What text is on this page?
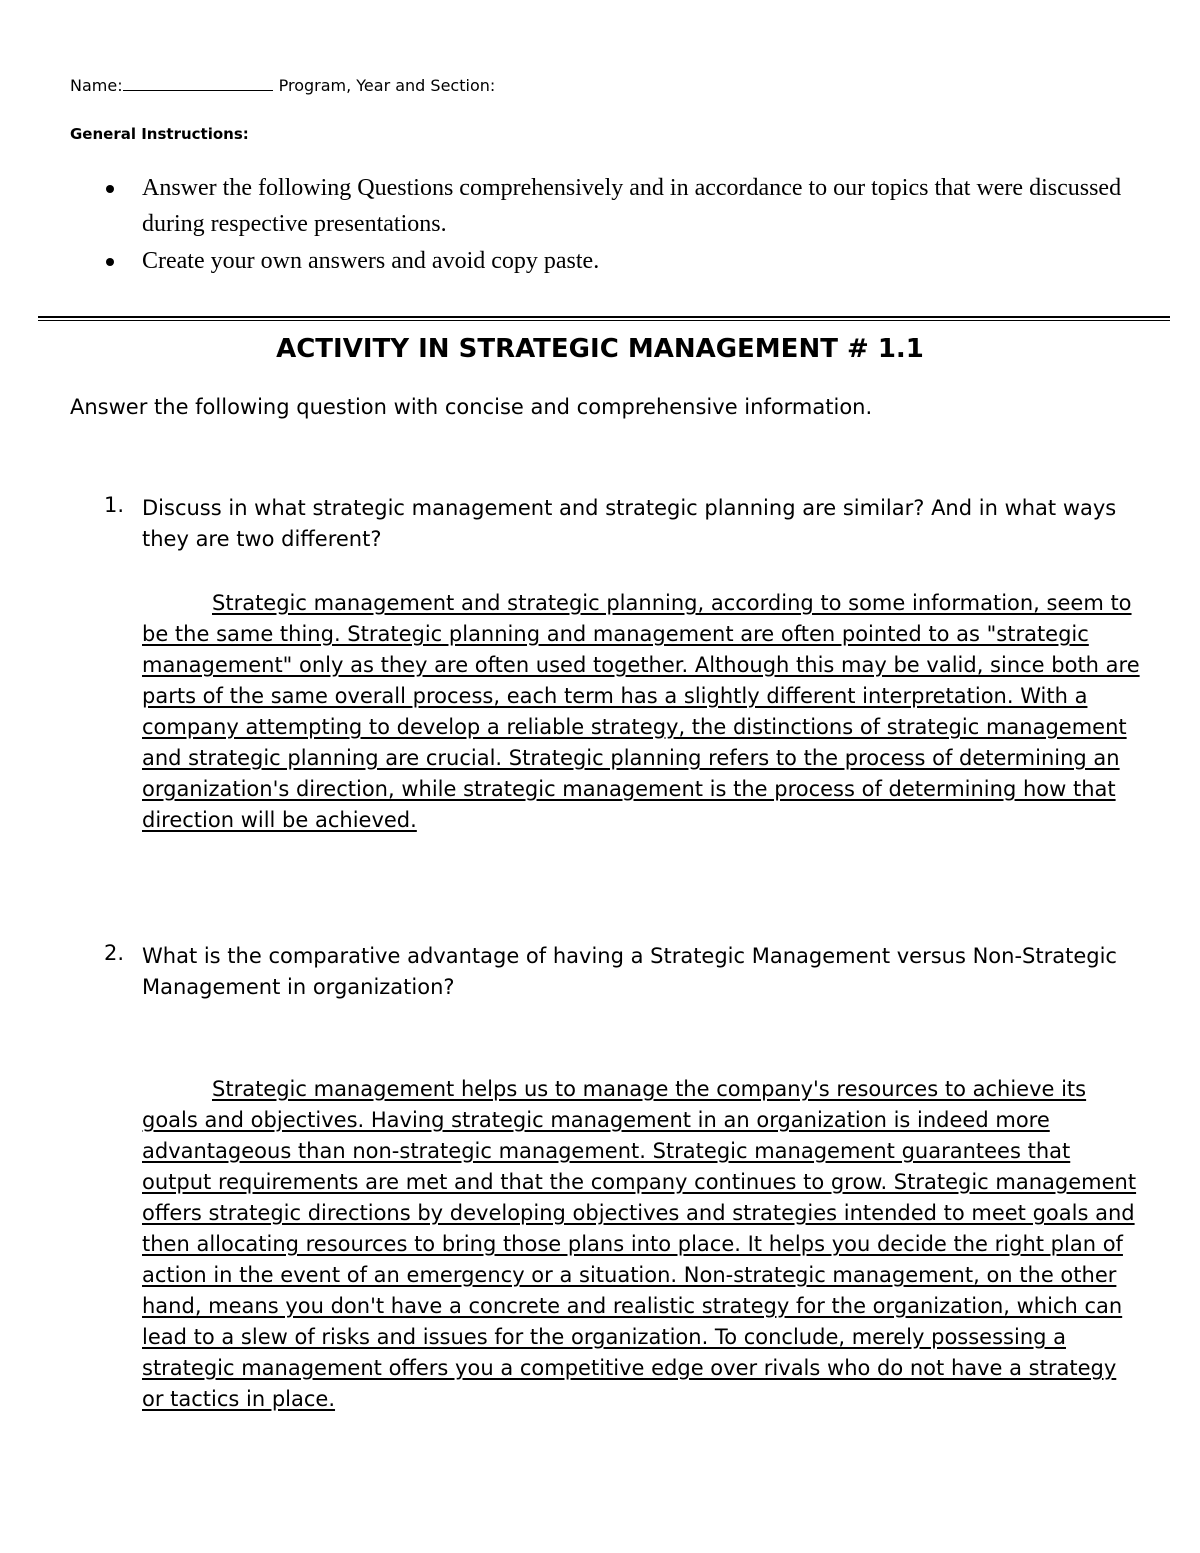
Name:	Program, Year and Section:
General Instructions:
Answer the following Questions comprehensively and in accordance to our topics that were discussed during respective presentations.
Create your own answers and avoid copy paste.
ACTIVITY IN STRATEGIC MANAGEMENT # 1.1
Answer the following question with concise and comprehensive information.
1. Discuss in what strategic management and strategic planning are similar? And in what ways they are two different?
Strategic management and strategic planning, according to some information, seem to be the same thing. Strategic planning and management are often pointed to as "strategic management" only as they are often used together. Although this may be valid, since both are parts of the same overall process, each term has a slightly different interpretation. With a company attempting to develop a reliable strategy, the distinctions of strategic management and strategic planning are crucial. Strategic planning refers to the process of determining an organization's direction, while strategic management is the process of determining how that direction will be achieved.
2. What is the comparative advantage of having a Strategic Management versus Non-Strategic Management in organization?
Strategic management helps us to manage the company's resources to achieve its goals and objectives. Having strategic management in an organization is indeed more advantageous than non-strategic management. Strategic management guarantees that output requirements are met and that the company continues to grow. Strategic management offers strategic directions by developing objectives and strategies intended to meet goals and then allocating resources to bring those plans into place. It helps you decide the right plan of action in the event of an emergency or a situation. Non-strategic management, on the other hand, means you don't have a concrete and realistic strategy for the organization, which can lead to a slew of risks and issues for the organization. To conclude, merely possessing a strategic management offers you a competitive edge over rivals who do not have a strategy or tactics in place.
